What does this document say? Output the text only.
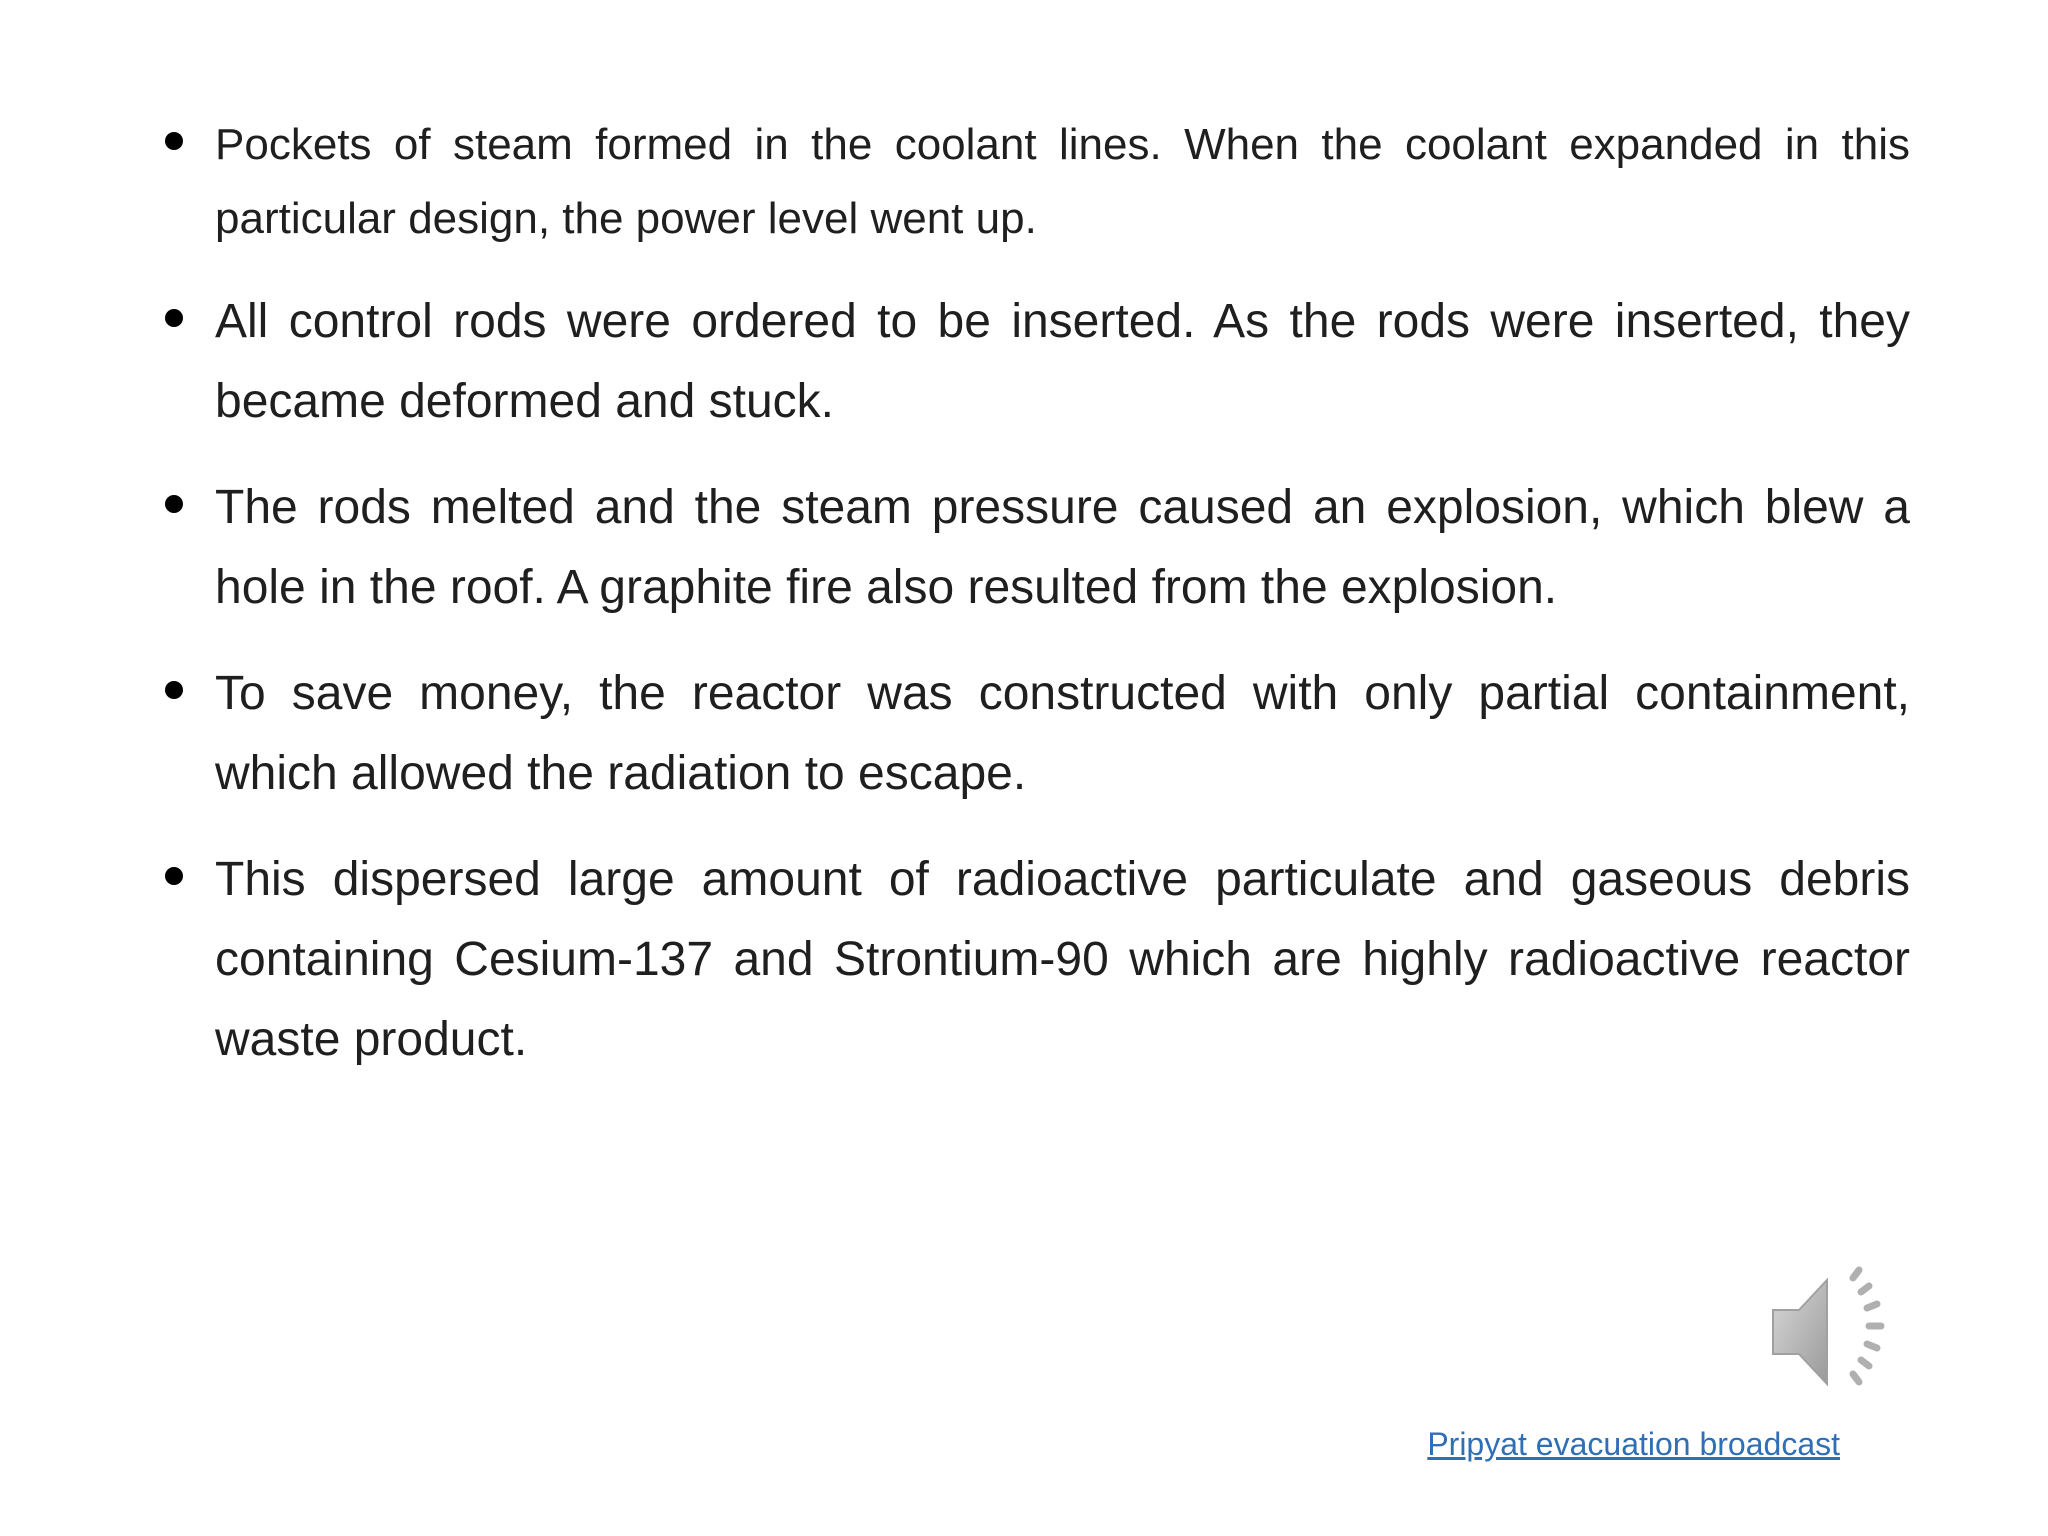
Pockets of steam formed in the coolant lines. When the coolant expanded in this particular design, the power level went up.
All control rods were ordered to be inserted. As the rods were inserted, they became deformed and stuck.
The rods melted and the steam pressure caused an explosion, which blew a hole in the roof. A graphite fire also resulted from the explosion.
To save money, the reactor was constructed with only partial containment, which allowed the radiation to escape.
This dispersed large amount of radioactive particulate and gaseous debris containing Cesium-137 and Strontium-90 which are highly radioactive reactor waste product.
Pripyat evacuation broadcast
